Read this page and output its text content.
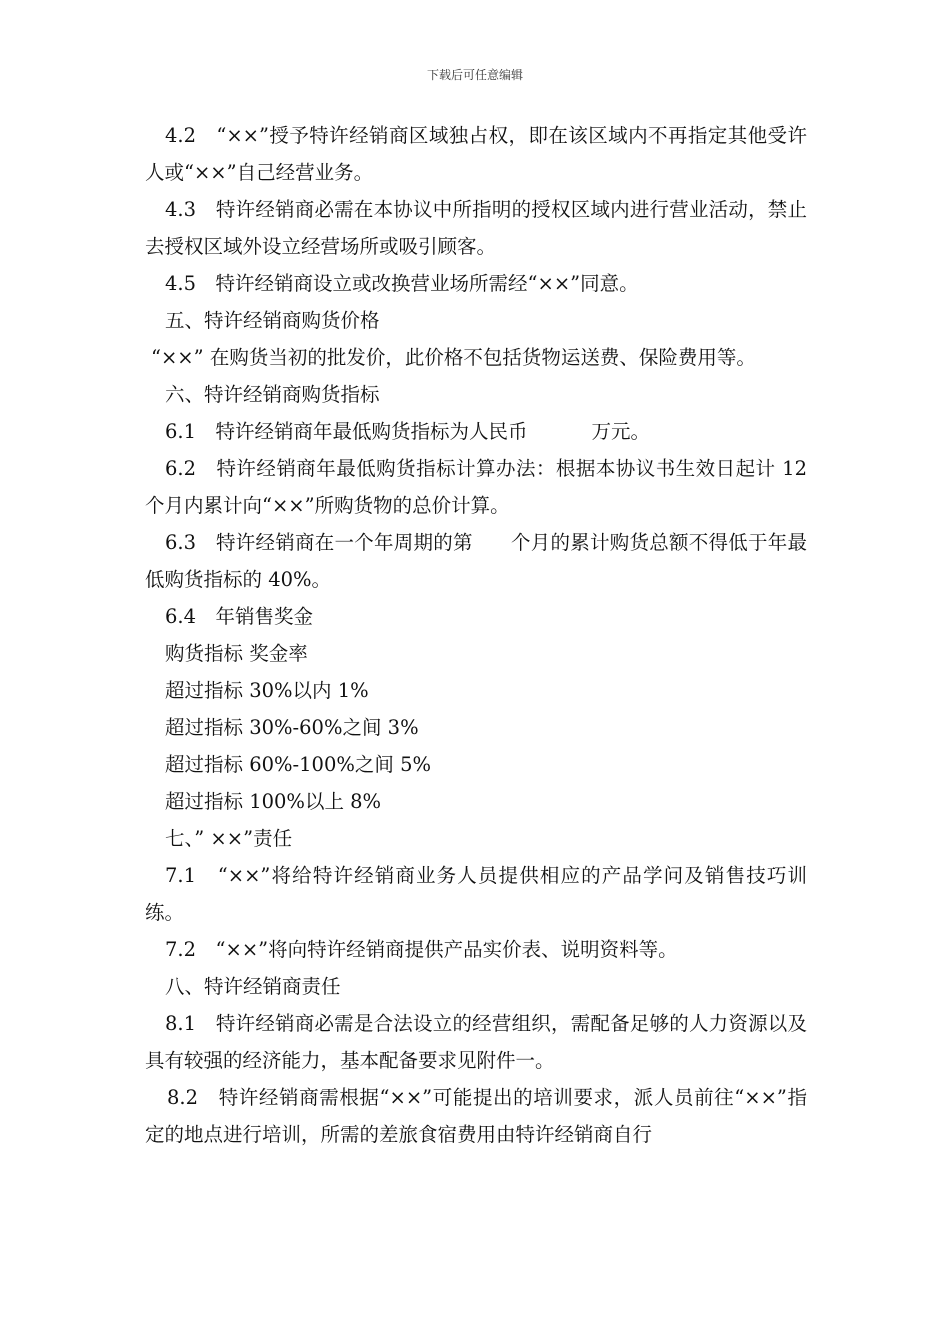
下载后可任意编辑

4.2　“××”授予特许经销商区域独占权，即在该区域内不再指定其他受许人或“××”自己经营业务。

4.3　特许经销商必需在本协议中所指明的授权区域内进行营业活动，禁止去授权区域外设立经营场所或吸引顾客。

4.5　特许经销商设立或改换营业场所需经“××”同意。

五、特许经销商购货价格

“××” 在购货当初的批发价，此价格不包括货物运送费、保险费用等。

六、特许经销商购货指标

6.1　特许经销商年最低购货指标为人民币	万元。

6.2　特许经销商年最低购货指标计算办法：根据本协议书生效日起计 12 个月内累计向“××”所购货物的总价计算。

6.3　特许经销商在一个年周期的第 个月的累计购货总额不得低于年最低购货指标的 40%。

6.4　年销售奖金

购货指标 奖金率

超过指标 30%以内 1%

超过指标 30%-60%之间 3%

超过指标 60%-100%之间 5%

超过指标 100%以上 8%

七、” ××”责任

7.1　“××”将给特许经销商业务人员提供相应的产品学问及销售技巧训练。

7.2　“××”将向特许经销商提供产品实价表、说明资料等。

八、特许经销商责任

8.1　特许经销商必需是合法设立的经营组织，需配备足够的人力资源以及具有较强的经济能力，基本配备要求见附件一。

8.2　特许经销商需根据“××”可能提出的培训要求，派人员前往“××”指定的地点进行培训，所需的差旅食宿费用由特许经销商自行
